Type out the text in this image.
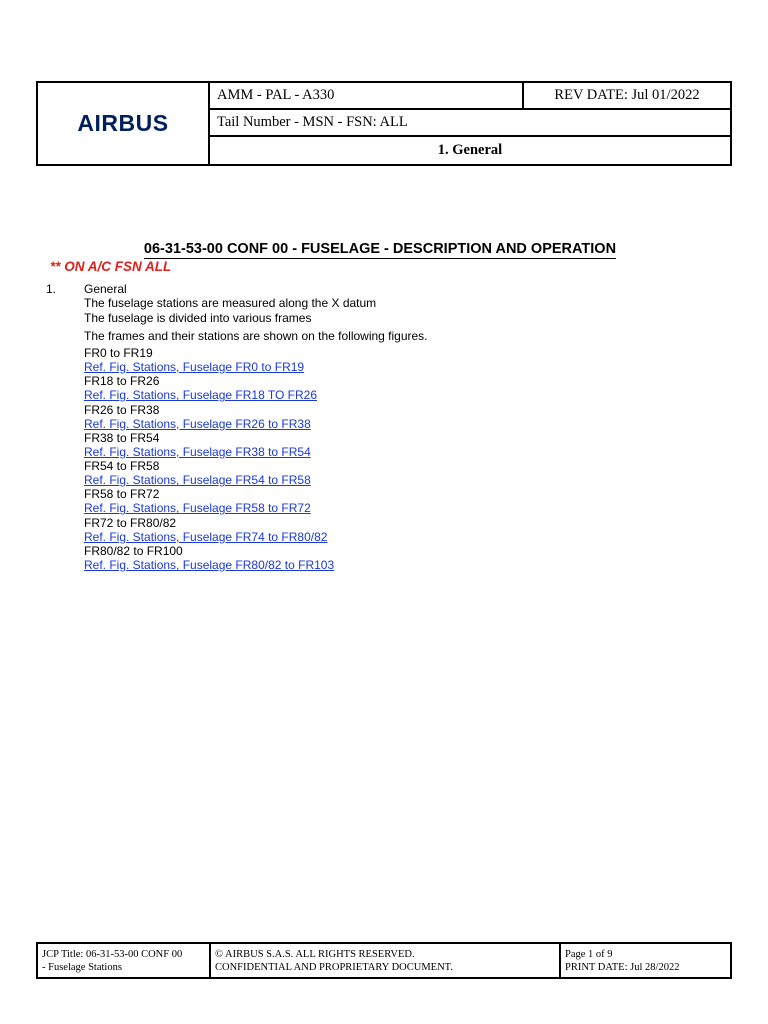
AIRBUS
AMM - PAL - A330	REV DATE: Jul 01/2022
Tail Number - MSN - FSN: ALL
1. General
06-31-53-00 CONF 00 - FUSELAGE - DESCRIPTION AND OPERATION
** ON A/C FSN ALL
1. General
The fuselage stations are measured along the X datum
The fuselage is divided into various frames
The frames and their stations are shown on the following figures.
FR0 to FR19
Ref. Fig. Stations, Fuselage FR0 to FR19
FR18 to FR26
Ref. Fig. Stations, Fuselage FR18 TO FR26
FR26 to FR38
Ref. Fig. Stations, Fuselage FR26 to FR38
FR38 to FR54
Ref. Fig. Stations, Fuselage FR38 to FR54
FR54 to FR58
Ref. Fig. Stations, Fuselage FR54 to FR58
FR58 to FR72
Ref. Fig. Stations, Fuselage FR58 to FR72
FR72 to FR80/82
Ref. Fig. Stations, Fuselage FR74 to FR80/82
FR80/82 to FR100
Ref. Fig. Stations, Fuselage FR80/82 to FR103
JCP Title: 06-31-53-00 CONF 00
- Fuselage Stations
© AIRBUS S.A.S. ALL RIGHTS RESERVED.
CONFIDENTIAL AND PROPRIETARY DOCUMENT.
Page 1 of 9
PRINT DATE: Jul 28/2022
